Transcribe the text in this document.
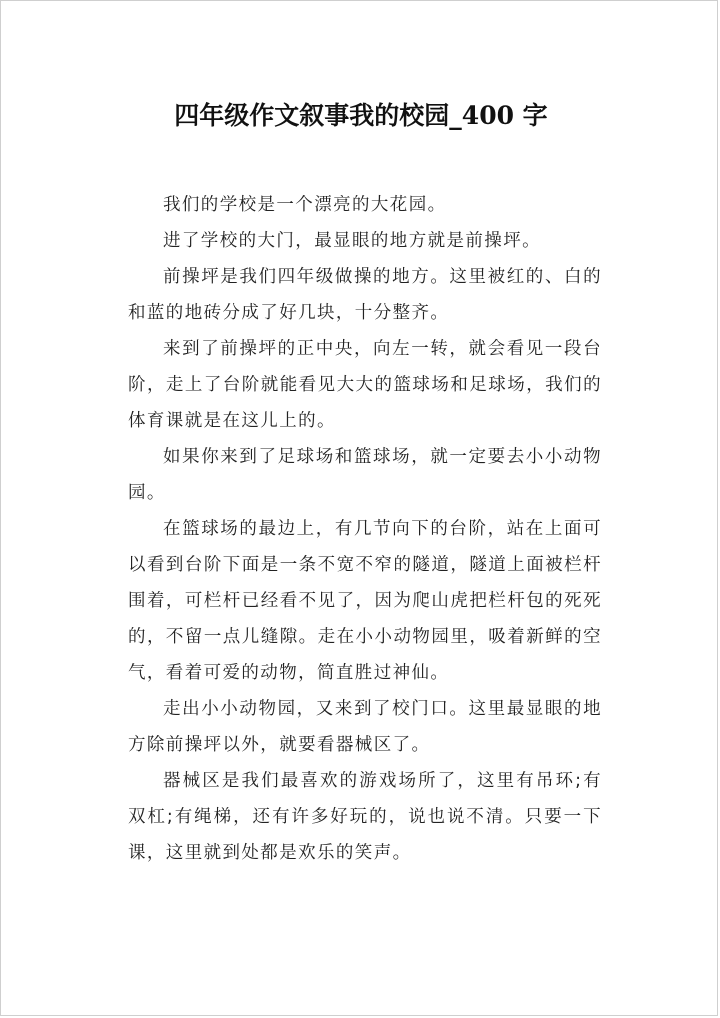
四年级作文叙事我的校园_400 字

我们的学校是一个漂亮的大花园。

进了学校的大门，最显眼的地方就是前操坪。

前操坪是我们四年级做操的地方。这里被红的、白的和蓝的地砖分成了好几块，十分整齐。

来到了前操坪的正中央，向左一转，就会看见一段台阶，走上了台阶就能看见大大的篮球场和足球场，我们的体育课就是在这儿上的。

如果你来到了足球场和篮球场，就一定要去小小动物园。

在篮球场的最边上，有几节向下的台阶，站在上面可以看到台阶下面是一条不宽不窄的隧道，隧道上面被栏杆围着，可栏杆已经看不见了，因为爬山虎把栏杆包的死死的，不留一点儿缝隙。走在小小动物园里，吸着新鲜的空气，看着可爱的动物，简直胜过神仙。

走出小小动物园，又来到了校门口。这里最显眼的地方除前操坪以外，就要看器械区了。

器械区是我们最喜欢的游戏场所了，这里有吊环;有双杠;有绳梯，还有许多好玩的，说也说不清。只要一下课，这里就到处都是欢乐的笑声。
